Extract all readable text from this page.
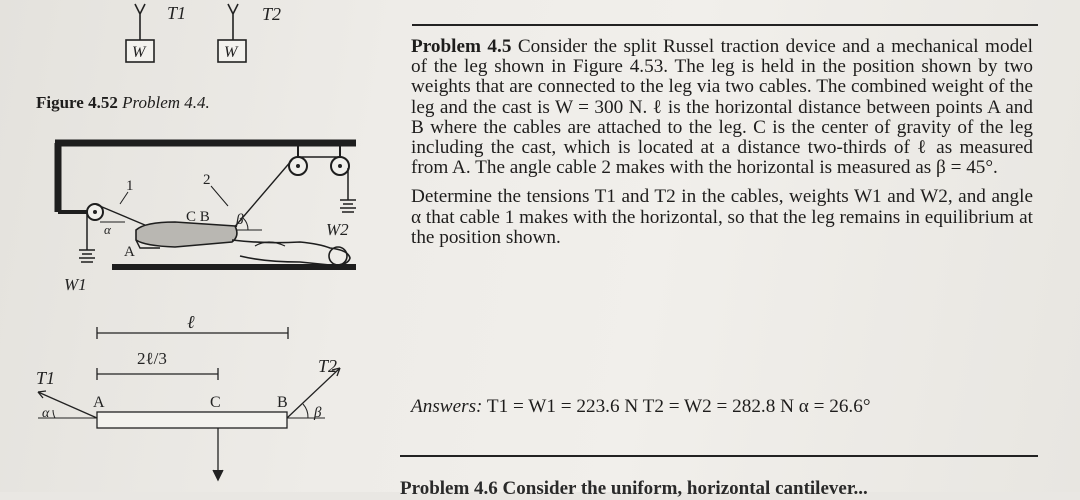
T1	T2
W	W
1	2
C B β
α
A
W1
W2
ℓ
2ℓ/3
T1
T2
α	β
A	C	B
Figure 4.52 Problem 4.4.

Problem 4.5 Consider the split Russel traction device and a mechanical model of the leg shown in Figure 4.53. The leg is held in the position shown by two weights that are connected to the leg via two cables. The combined weight of the leg and the cast is W = 300 N. ℓ is the horizontal distance between points A and B where the cables are attached to the leg. C is the center of gravity of the leg including the cast, which is located at a distance two-thirds of ℓ as measured from A. The angle cable 2 makes with the horizontal is measured as β = 45°.

Determine the tensions T1 and T2 in the cables, weights W1 and W2, and angle α that cable 1 makes with the horizontal, so that the leg remains in equilibrium at the position shown.

Answers: T1 = W1 = 223.6 N T2 = W2 = 282.8 N α = 26.6°
Problem 4.6 Consider the uniform, horizontal cantilever...
